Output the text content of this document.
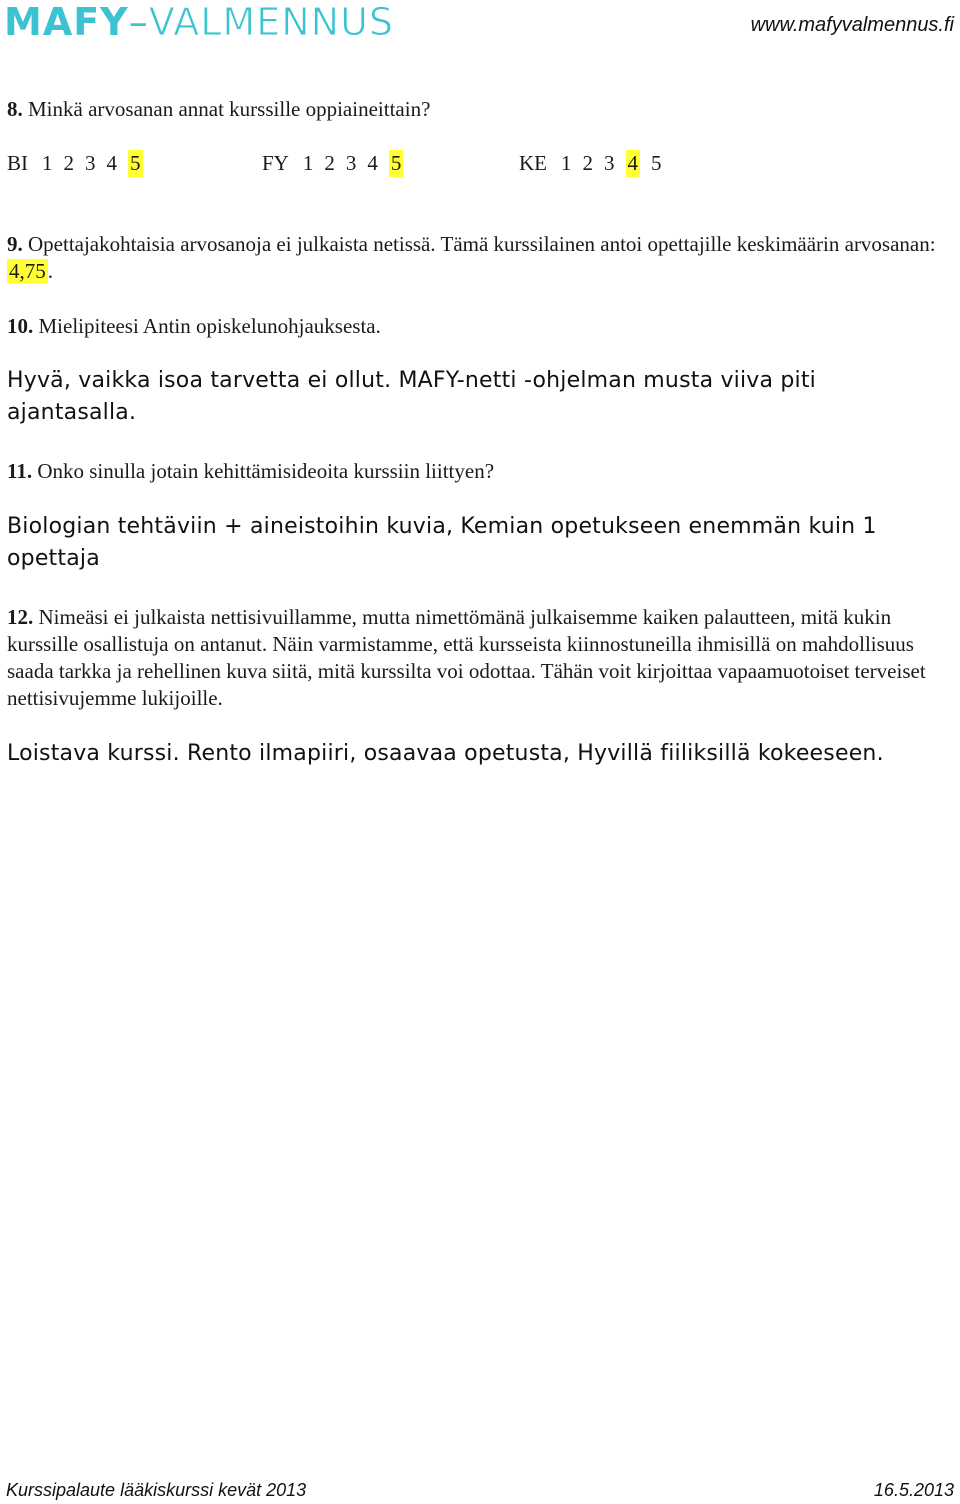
MAFY–VALMENNUS	www.mafyvalmennus.fi

8. Minkä arvosanan annat kurssille oppiaineittain?

BI 1 2 3 4 5	FY 1 2 3 4 5	KE 1 2 3 4 5

9. Opettajakohtaisia arvosanoja ei julkaista netissä. Tämä kurssilainen antoi opettajille keskimäärin arvosanan: 4,75.

10. Mielipiteesi Antin opiskelunohjauksesta.

Hyvä, vaikka isoa tarvetta ei ollut. MAFY-netti -ohjelman musta viiva piti ajantasalla.

11. Onko sinulla jotain kehittämisideoita kurssiin liittyen?

Biologian tehtäviin + aineistoihin kuvia, Kemian opetukseen enemmän kuin 1 opettaja

12. Nimeäsi ei julkaista nettisivuillamme, mutta nimettömänä julkaisemme kaiken palautteen, mitä kukin kurssille osallistuja on antanut. Näin varmistamme, että kursseista kiinnostuneilla ihmisillä on mahdollisuus saada tarkka ja rehellinen kuva siitä, mitä kurssilta voi odottaa. Tähän voit kirjoittaa vapaamuotoiset terveiset nettisivujemme lukijoille.

Loistava kurssi. Rento ilmapiiri, osaavaa opetusta, Hyvillä fiiliksillä kokeeseen.
Kurssipalaute lääkiskurssi kevät 2013	16.5.2013
